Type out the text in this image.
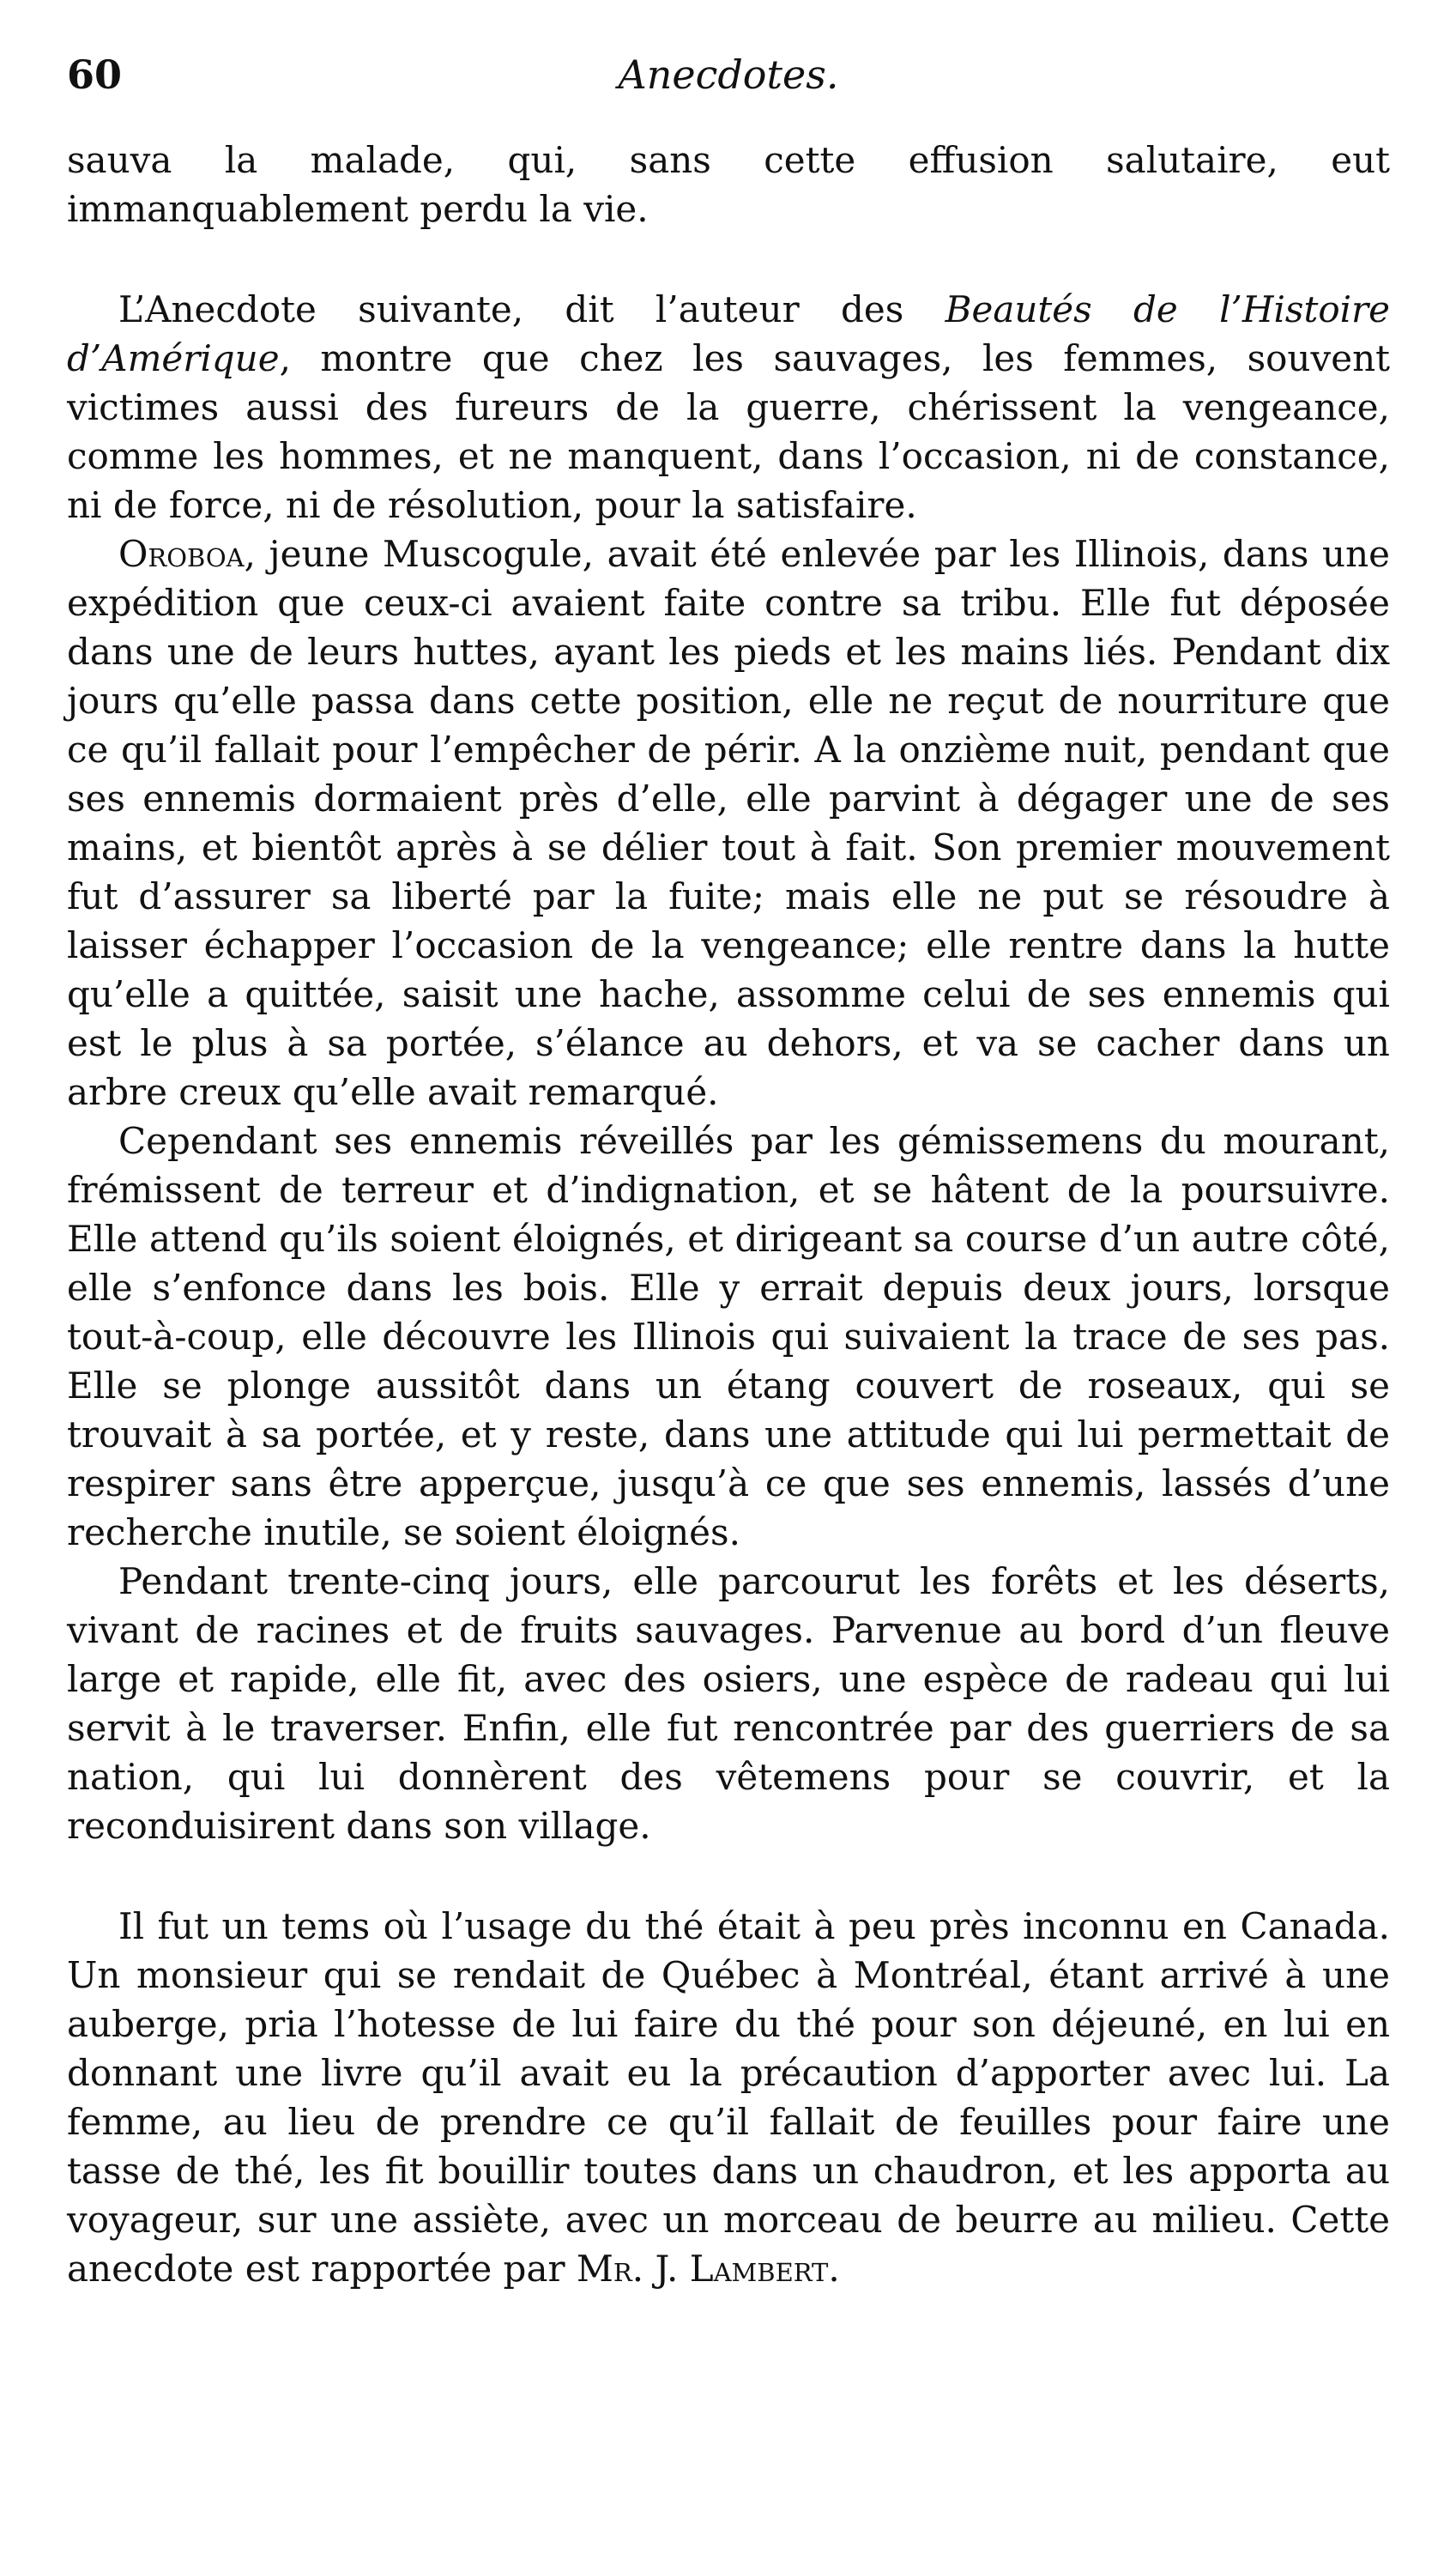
60	Anecdotes.

sauva la malade, qui, sans cette effusion salutaire, eut immanquablement perdu la vie.

L’Anecdote suivante, dit l’auteur des Beautés de l’Histoire d’Amérique, montre que chez les sauvages, les femmes, souvent victimes aussi des fureurs de la guerre, chérissent la vengeance, comme les hommes, et ne manquent, dans l’occasion, ni de constance, ni de force, ni de résolution, pour la satisfaire.

Oroboa, jeune Muscogule, avait été enlevée par les Illinois, dans une expédition que ceux-ci avaient faite contre sa tribu. Elle fut déposée dans une de leurs huttes, ayant les pieds et les mains liés. Pendant dix jours qu’elle passa dans cette position, elle ne reçut de nourriture que ce qu’il fallait pour l’empêcher de périr. A la onzième nuit, pendant que ses ennemis dormaient près d’elle, elle parvint à dégager une de ses mains, et bientôt après à se délier tout à fait. Son premier mouvement fut d’assurer sa liberté par la fuite; mais elle ne put se résoudre à laisser échapper l’occasion de la vengeance; elle rentre dans la hutte qu’elle a quittée, saisit une hache, assomme celui de ses ennemis qui est le plus à sa portée, s’élance au dehors, et va se cacher dans un arbre creux qu’elle avait remarqué.

Cependant ses ennemis réveillés par les gémissemens du mourant, frémissent de terreur et d’indignation, et se hâtent de la poursuivre. Elle attend qu’ils soient éloignés, et dirigeant sa course d’un autre côté, elle s’enfonce dans les bois. Elle y errait depuis deux jours, lorsque tout-à-coup, elle découvre les Illinois qui suivaient la trace de ses pas. Elle se plonge aussitôt dans un étang couvert de roseaux, qui se trouvait à sa portée, et y reste, dans une attitude qui lui permettait de respirer sans être apperçue, jusqu’à ce que ses ennemis, lassés d’une recherche inutile, se soient éloignés.

Pendant trente-cinq jours, elle parcourut les forêts et les déserts, vivant de racines et de fruits sauvages. Parvenue au bord d’un fleuve large et rapide, elle fit, avec des osiers, une espèce de radeau qui lui servit à le traverser. Enfin, elle fut rencontrée par des guerriers de sa nation, qui lui donnèrent des vêtemens pour se couvrir, et la reconduisirent dans son village.

Il fut un tems où l’usage du thé était à peu près inconnu en Canada. Un monsieur qui se rendait de Québec à Montréal, étant arrivé à une auberge, pria l’hotesse de lui faire du thé pour son déjeuné, en lui en donnant une livre qu’il avait eu la précaution d’apporter avec lui. La femme, au lieu de prendre ce qu’il fallait de feuilles pour faire une tasse de thé, les fit bouillir toutes dans un chaudron, et les apporta au voyageur, sur une assiète, avec un morceau de beurre au milieu. Cette anecdote est rapportée par Mr. J. Lambert.
